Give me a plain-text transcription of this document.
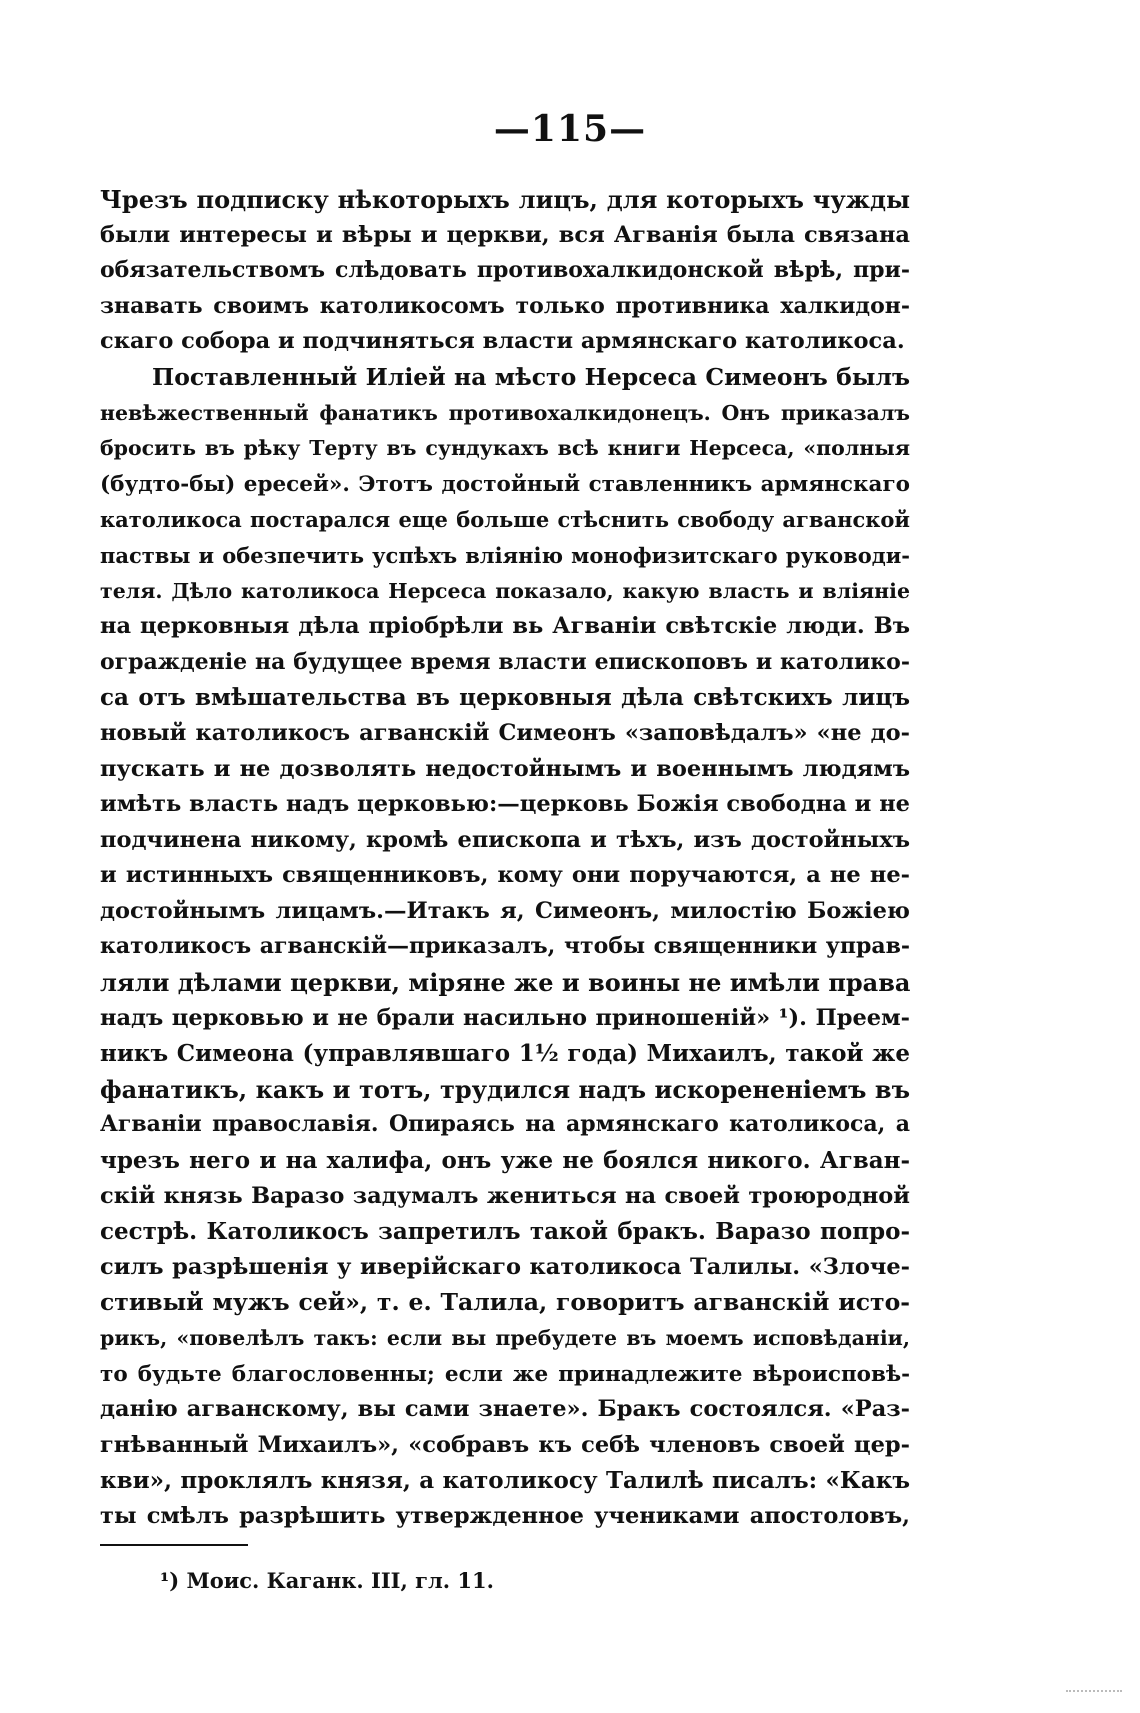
—115—
Чрезъ подписку нѣкоторыхъ лицъ, для которыхъ чужды
были интересы и вѣры и церкви, вся Агванія была связана
обязательствомъ слѣдовать противохалкидонской вѣрѣ, при-
знавать своимъ католикосомъ только противника халкидон-
скаго собора и подчиняться власти армянскаго католикоса.
Поставленный Иліей на мѣсто Нерсеса Симеонъ былъ
невѣжественный фанатикъ противохалкидонецъ. Онъ приказалъ
бросить въ рѣку Терту въ сундукахъ всѣ книги Нерсеса, «полныя
(будто-бы) ересей». Этотъ достойный ставленникъ армянскаго
католикоса постарался еще больше стѣснить свободу агванской
паствы и обезпечить успѣхъ вліянію монофизитскаго руководи-
теля. Дѣло католикоса Нерсеса показало, какую власть и вліяніе
на церковныя дѣла пріобрѣли вь Агваніи свѣтскіе люди. Въ
огражденіе на будущее время власти епископовъ и католико-
са отъ вмѣшательства въ церковныя дѣла свѣтскихъ лицъ
новый католикосъ агванскій Симеонъ «заповѣдалъ» «не до-
пускать и не дозволять недостойнымъ и военнымъ людямъ
имѣть власть надъ церковью:—церковь Божія свободна и не
подчинена никому, кромѣ епископа и тѣхъ, изъ достойныхъ
и истинныхъ священниковъ, кому они поручаются, а не не-
достойнымъ лицамъ.—Итакъ я, Симеонъ, милостію Божіею
католикосъ агванскій—приказалъ, чтобы священники управ-
ляли дѣлами церкви, міряне же и воины не имѣли права
надъ церковью и не брали насильно приношеній» ¹). Преем-
никъ Симеона (управлявшаго 1½ года) Михаилъ, такой же
фанатикъ, какъ и тотъ, трудился надъ искорененіемъ въ
Агваніи православія. Опираясь на армянскаго католикоса, а
чрезъ него и на халифа, онъ уже не боялся никого. Агван-
скій князь Варазо задумалъ жениться на своей троюродной
сестрѣ. Католикосъ запретилъ такой бракъ. Варазо попро-
силъ разрѣшенія у иверійскаго католикоса Талилы. «Злоче-
стивый мужъ сей», т. е. Талила, говоритъ агванскій исто-
рикъ, «повелѣлъ такъ: если вы пребудете въ моемъ исповѣданіи,
то будьте благословенны; если же принадлежите вѣроисповѣ-
данію агванскому, вы сами знаете». Бракъ состоялся. «Раз-
гнѣванный Михаилъ», «собравъ къ себѣ членовъ своей цер-
кви», проклялъ князя, а католикосу Талилѣ писалъ: «Какъ
ты смѣлъ разрѣшить утвержденное учениками апостоловъ,
¹) Моис. Каганк. III, гл. 11.
